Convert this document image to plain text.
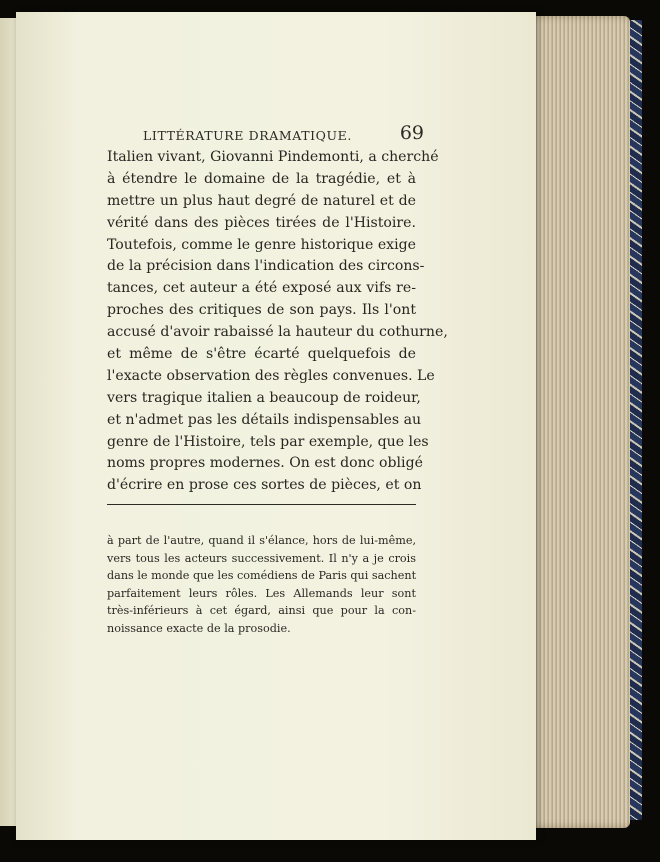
LITTÉRATURE DRAMATIQUE.	69
Italien vivant, Giovanni Pindemonti, a cherché
à étendre le domaine de la tragédie, et à
mettre un plus haut degré de naturel et de
vérité dans des pièces tirées de l'Histoire.
Toutefois, comme le genre historique exige
de la précision dans l'indication des circons-
tances, cet auteur a été exposé aux vifs re-
proches des critiques de son pays. Ils l'ont
accusé d'avoir rabaissé la hauteur du cothurne,
et même de s'être écarté quelquefois de
l'exacte observation des règles convenues. Le
vers tragique italien a beaucoup de roideur,
et n'admet pas les détails indispensables au
genre de l'Histoire, tels par exemple, que les
noms propres modernes. On est donc obligé
d'écrire en prose ces sortes de pièces, et on
à part de l'autre, quand il s'élance, hors de lui-même,
vers tous les acteurs successivement. Il n'y a je crois
dans le monde que les comédiens de Paris qui sachent
parfaitement leurs rôles. Les Allemands leur sont
très-inférieurs à cet égard, ainsi que pour la con-
noissance exacte de la prosodie.
